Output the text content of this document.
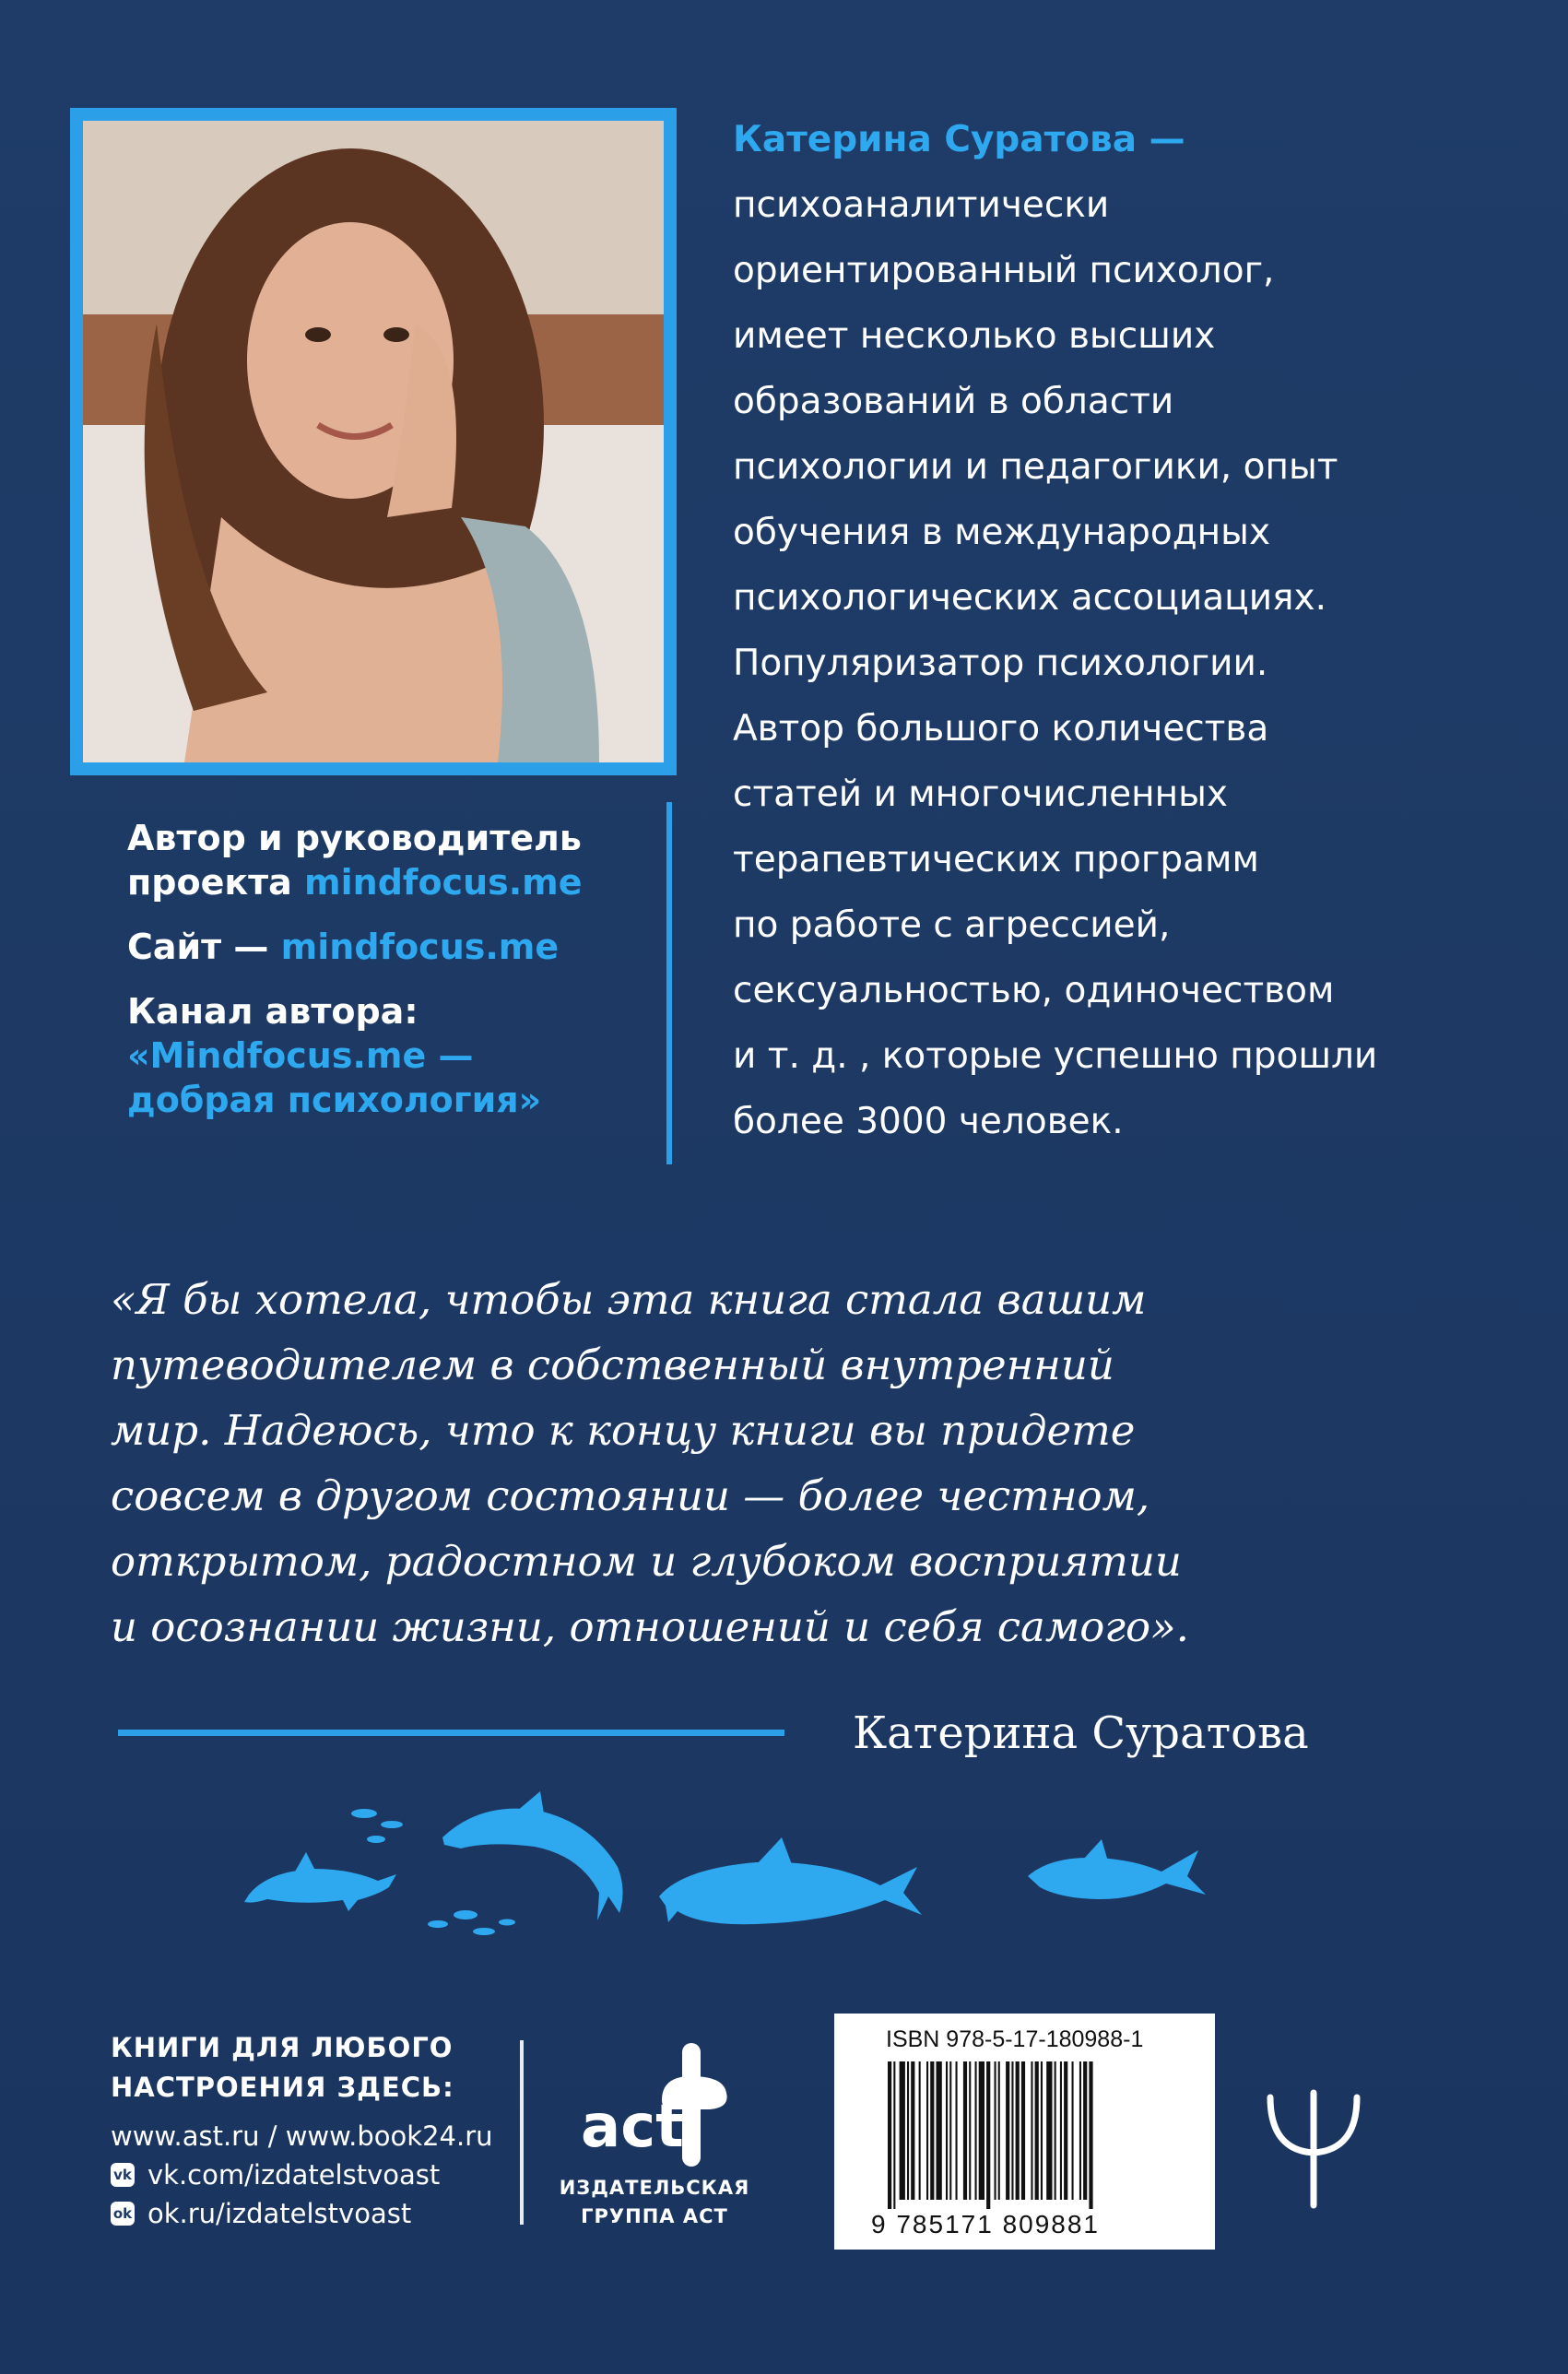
Катерина Суратова —
психоаналитически
ориентированный психолог,
имеет несколько высших
образований в области
психологии и педагогики, опыт
обучения в международных
психологических ассоциациях.
Популяризатор психологии.
Автор большого количества
статей и многочисленных
терапевтических программ
по работе с агрессией,
сексуальностью, одиночеством
и т. д. , которые успешно прошли
более 3000 человек.
Автор и руководитель
проекта mindfocus.me
Сайт — mindfocus.me
Канал автора:
«Mindfocus.me —
добрая психология»
«Я бы хотела, чтобы эта книга стала вашим
путеводителем в собственный внутренний
мир. Надеюсь, что к концу книги вы придете
совсем в другом состоянии — более честном,
открытом, радостном и глубоком восприятии
и осознании жизни, отношений и себя самого».
Катерина Суратова
КНИГИ ДЛЯ ЛЮБОГО
НАСТРОЕНИЯ ЗДЕСЬ:
www.ast.ru / www.book24.ru
vk vk.com/izdatelstvoast
ok ok.ru/izdatelstvoast
act
ИЗДАТЕЛЬСКАЯ
ГРУППА АСТ
ISBN 978-5-17-180988-1
9 785171 809881
